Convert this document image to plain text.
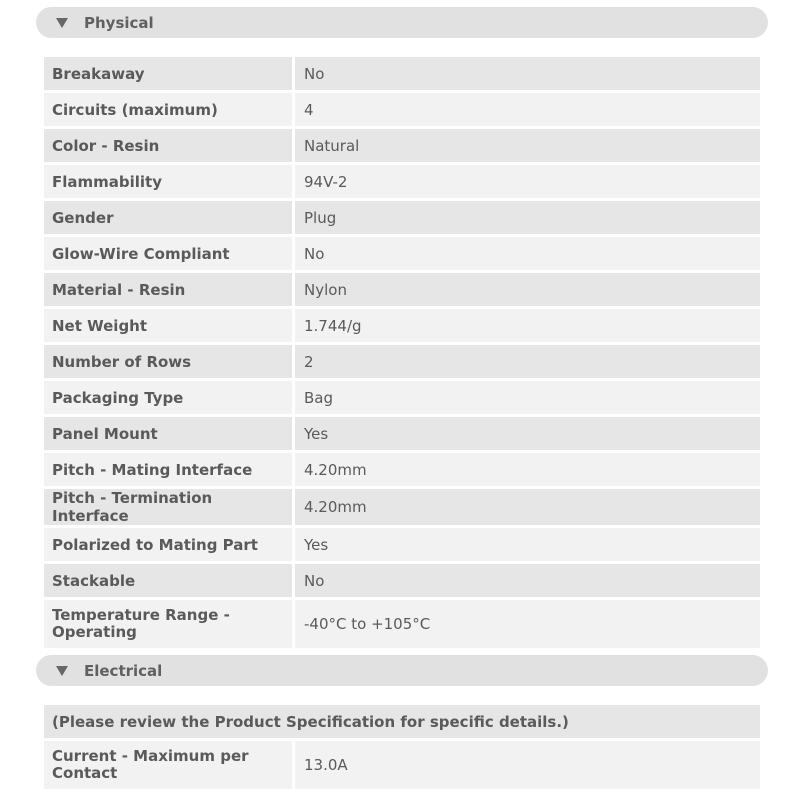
Physical
Breakaway	No
Circuits (maximum)	4
Color - Resin	Natural
Flammability	94V-2
Gender	Plug
Glow-Wire Compliant	No
Material - Resin	Nylon
Net Weight	1.744/g
Number of Rows	2
Packaging Type	Bag
Panel Mount	Yes
Pitch - Mating Interface	4.20mm
Pitch - Termination Interface	4.20mm
Polarized to Mating Part	Yes
Stackable	No
Temperature Range - Operating	-40°C to +105°C
Electrical
(Please review the Product Specification for specific details.)
Current - Maximum per Contact	13.0A
